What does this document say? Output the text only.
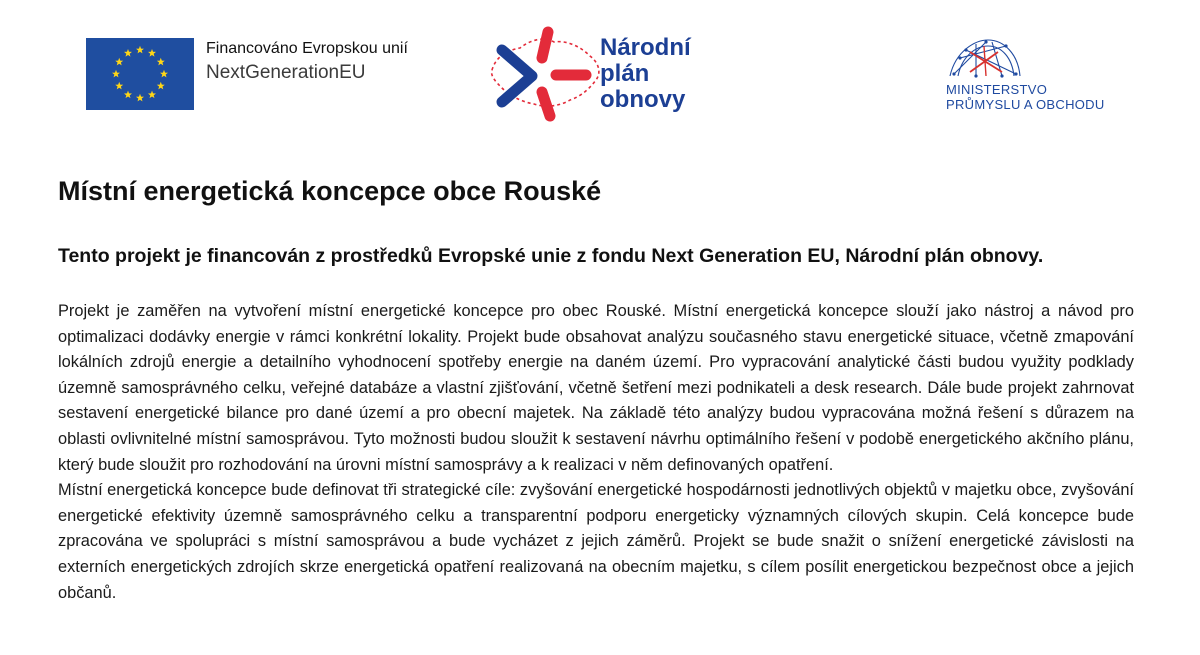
Financováno Evropskou unií
NextGenerationEU
Národní
plán
obnovy	MINISTERSTVO
PRŮMYSLU A OBCHODU
Místní energetická koncepce obce Rouské
Tento projekt je financován z prostředků Evropské unie z fondu Next Generation EU, Národní plán obnovy.

Projekt je zaměřen na vytvoření místní energetické koncepce pro obec Rouské. Místní energetická koncepce slouží jako nástroj a návod pro optimalizaci dodávky energie v rámci konkrétní lokality. Projekt bude obsahovat analýzu současného stavu energetické situace, včetně zmapování lokálních zdrojů energie a detailního vyhodnocení spotřeby energie na daném území. Pro vypracování analytické části budou využity podklady územně samosprávného celku, veřejné databáze a vlastní zjišťování, včetně šetření mezi podnikateli a desk research. Dále bude projekt zahrnovat sestavení energetické bilance pro dané území a pro obecní majetek. Na základě této analýzy budou vypracována možná řešení s důrazem na oblasti ovlivnitelné místní samosprávou. Tyto možnosti budou sloužit k sestavení návrhu optimálního řešení v podobě energetického akčního plánu, který bude sloužit pro rozhodování na úrovni místní samosprávy a k realizaci v něm definovaných opatření.

Místní energetická koncepce bude definovat tři strategické cíle: zvyšování energetické hospodárnosti jednotlivých objektů v majetku obce, zvyšování energetické efektivity územně samosprávného celku a transparentní podporu energeticky významných cílových skupin. Celá koncepce bude zpracována ve spolupráci s místní samosprávou a bude vycházet z jejich záměrů. Projekt se bude snažit o snížení energetické závislosti na externích energetických zdrojích skrze energetická opatření realizovaná na obecním majetku, s cílem posílit energetickou bezpečnost obce a jejich občanů.
